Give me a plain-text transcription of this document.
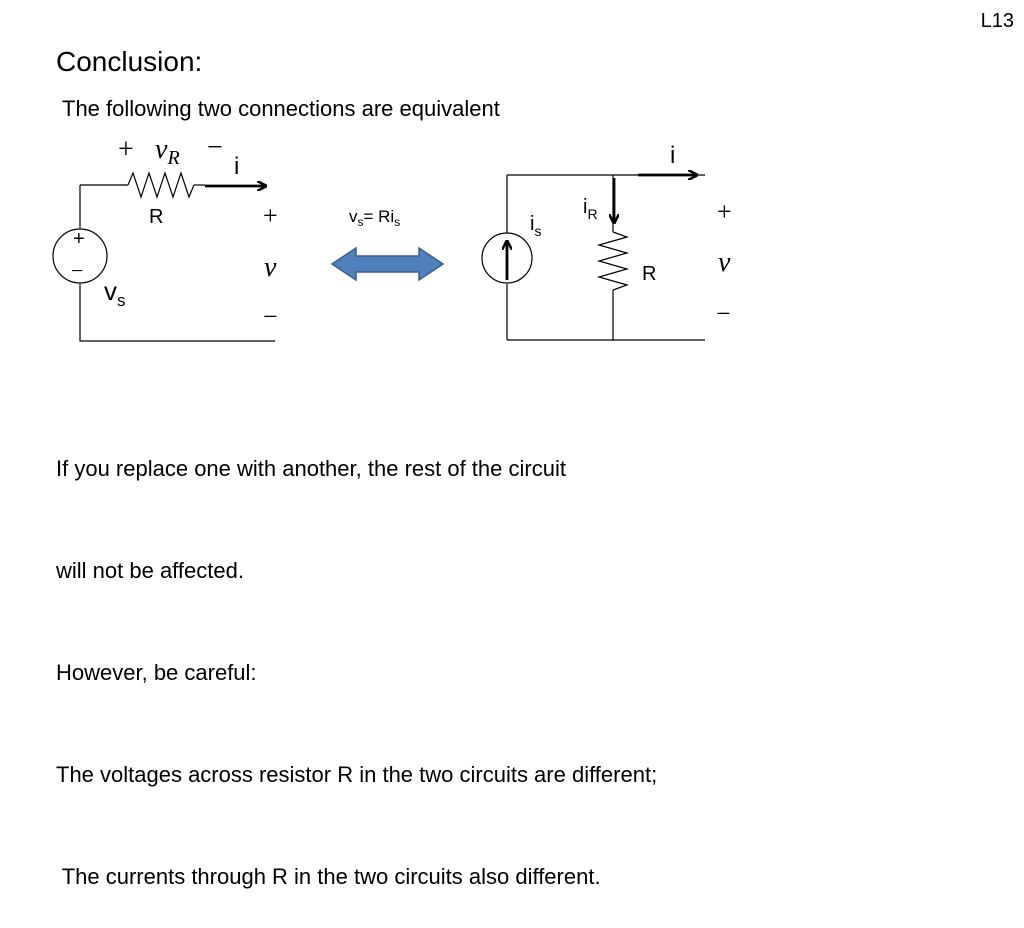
L13
Conclusion:
The following two connections are equivalent
+ $v_R$ −
i
R
+
−
$v_s$
+
v
−
$v_s= Ri_s$
i
$i_s$
$i_R$
R
+
v
−

If you replace one with another, the rest of the circuit

will not be affected.

However, be careful:

The voltages across resistor R in the two circuits are different;

The currents through R in the two circuits also different.
